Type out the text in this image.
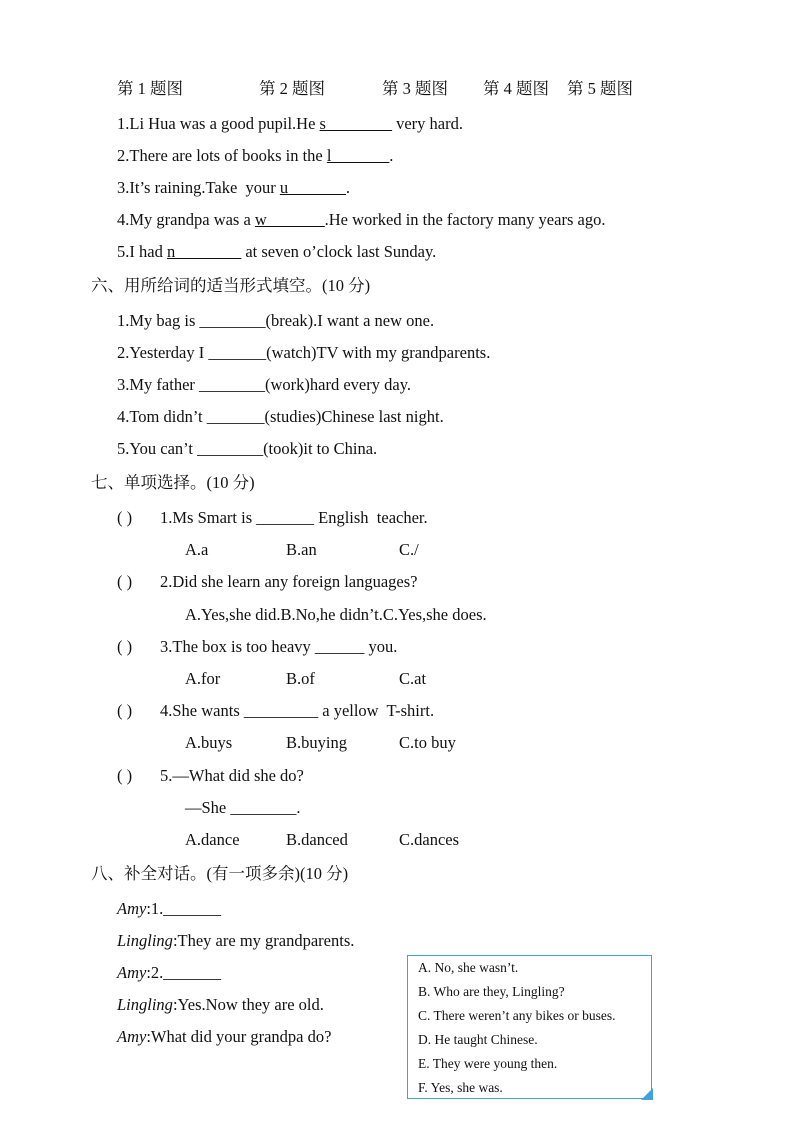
第 1 题图	第 2 题图	第 3 题图 第 4 题图 第 5 题图
1.Li Hua was a good pupil.He s________ very hard.
2.There are lots of books in the l_______.
3.It’s raining.Take  your u_______.
4.My grandpa was a w_______.He worked in the factory many years ago.
5.I had n________ at seven o’clock last Sunday.
六、用所给词的适当形式填空。(10 分)
1.My bag is ________(break).I want a new one.
2.Yesterday I _______(watch)TV with my grandparents.
3.My father ________(work)hard every day.
4.Tom didn’t _______(studies)Chinese last night.
5.You can’t ________(took)it to China.
七、单项选择。(10 分)
( ) 1.Ms Smart is _______ English  teacher.
A.a	B.an	C./
( ) 2.Did she learn any foreign languages?
A.Yes,she did.B.No,he didn’t.C.Yes,she does.
( ) 3.The box is too heavy ______ you.
A.for	B.of	C.at
( ) 4.She wants _________ a yellow  T-shirt.
A.buys	B.buying	C.to buy
( ) 5.—What did she do?
—She ________.
A.dance	B.danced	C.dances
八、补全对话。(有一项多余)(10 分)
Amy:1._______
Lingling:They are my grandparents.
Amy:2._______
Lingling:Yes.Now they are old.
Amy:What did your grandpa do?
A. No, she wasn’t.
B. Who are they, Lingling?
C. There weren’t any bikes or buses.
D. He taught Chinese.
E. They were young then.
F. Yes, she was.
